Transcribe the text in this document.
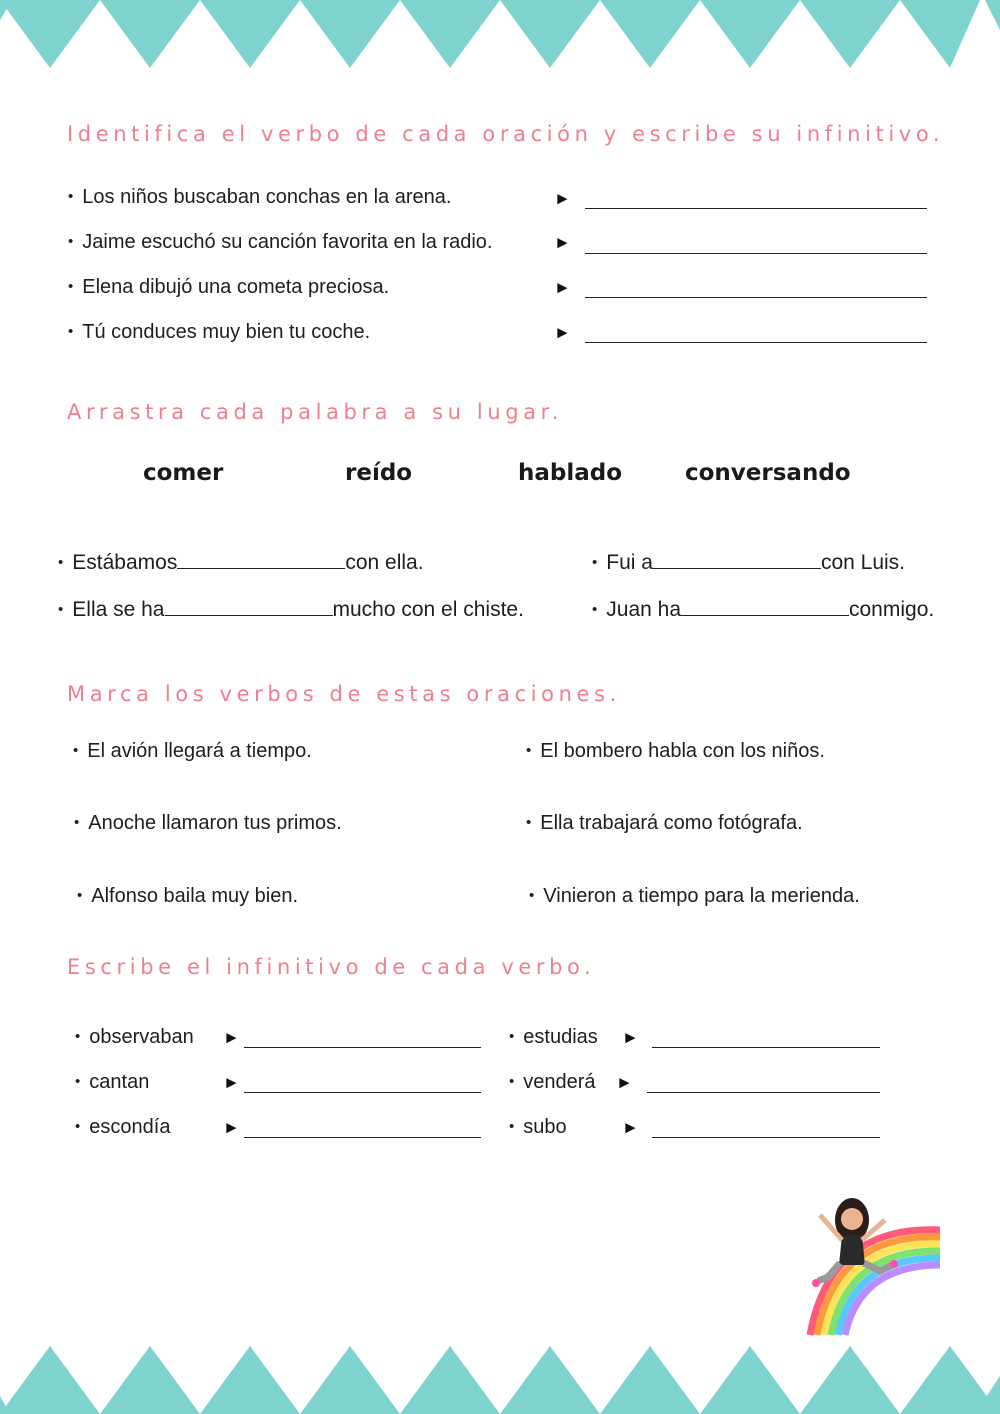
Identifica el verbo de cada oración y escribe su infinitivo.
• Los niños buscaban conchas en la arena.	►
• Jaime escuchó su canción favorita en la radio.	►
• Elena dibujó una cometa preciosa.	►
• Tú conduces muy bien tu coche.	►
Arrastra cada palabra a su lugar.
comer	reído	hablado	conversando
• Estábamos	con ella.	• Fui a	con Luis.
• Ella se ha	mucho con el chiste.	• Juan ha	conmigo.
Marca los verbos de estas oraciones.
• El avión llegará a tiempo.	• El bombero habla con los niños.
• Anoche llamaron tus primos.	• Ella trabajará como fotógrafa.
• Alfonso baila muy bien.	• Vinieron a tiempo para la merienda.
Escribe el infinitivo de cada verbo.
• observaban ►
• cantan	►
• escondía	►
• estudias ►
• venderá ►
• subo	►
